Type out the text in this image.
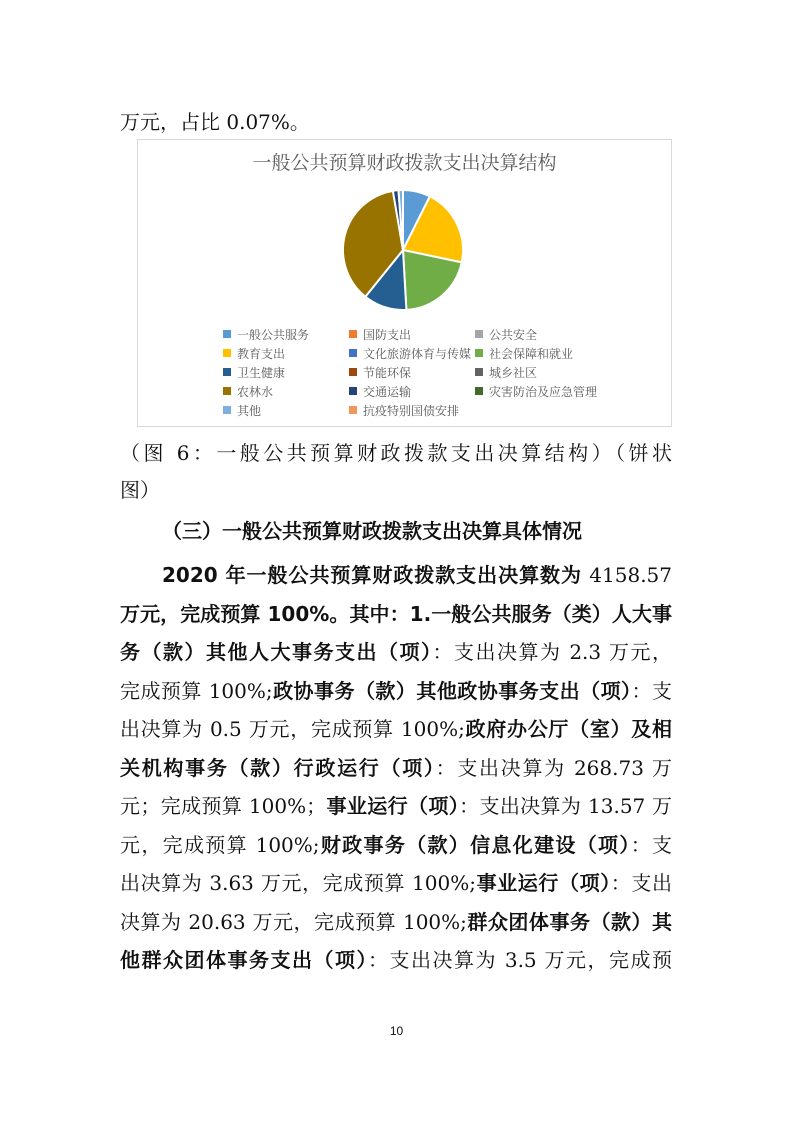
万元，占比 0.07%。
一般公共预算财政拨款支出决算结构
一般公共服务	国防支出	公共安全
教育支出	文化旅游体育与传媒 社会保障和就业
卫生健康	节能环保	城乡社区
农林水	交通运输	灾害防治及应急管理
其他	抗疫特别国债安排
（图 6：一般公共预算财政拨款支出决算结构）（饼状
图）
（三）一般公共预算财政拨款支出决算具体情况
2020 年一般公共预算财政拨款支出决算数为 4158.57
万元，完成预算 100%。其中：1.一般公共服务（类）人大事
务（款）其他人大事务支出（项）：支出决算为 2.3 万元，
完成预算 100%;政协事务（款）其他政协事务支出（项）：支
出决算为 0.5 万元，完成预算 100%;政府办公厅（室）及相
关机构事务（款）行政运行（项）：支出决算为 268.73 万
元；完成预算 100%；事业运行（项）：支出决算为 13.57 万
元，完成预算 100%;财政事务（款）信息化建设（项）：支
出决算为 3.63 万元，完成预算 100%;事业运行（项）：支出
决算为 20.63 万元，完成预算 100%;群众团体事务（款）其
他群众团体事务支出（项）：支出决算为 3.5 万元，完成预
10
